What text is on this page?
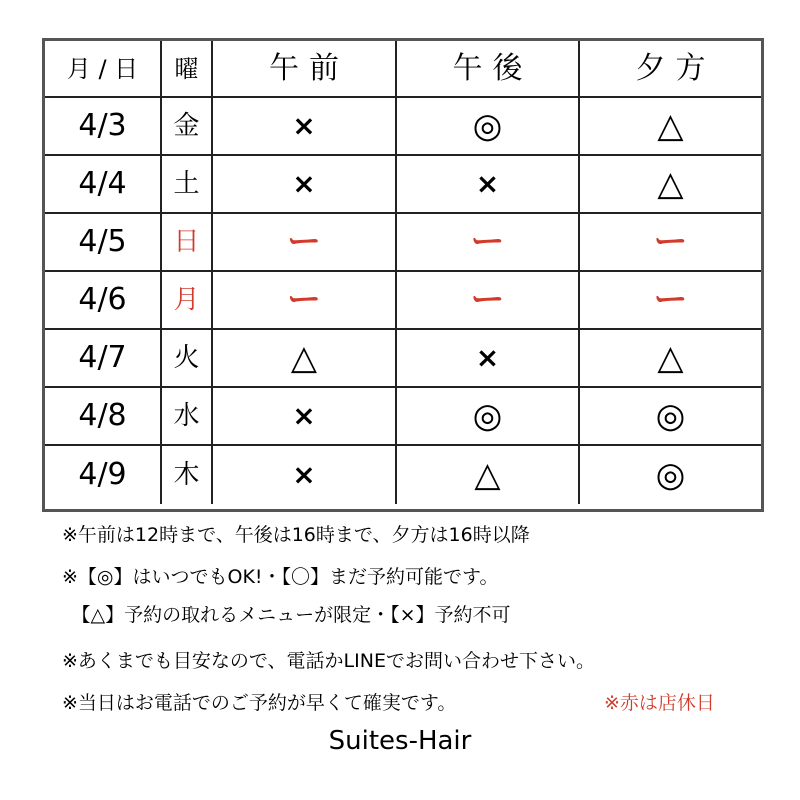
月 / 日	曜	午前	午後	夕方
4/3	金	×	◎	△
4/4	土	×	×	△
4/5	日	ー	ー	ー
4/6	月	ー	ー	ー
4/7	火	△	×	△
4/8	水	×	◎	◎
4/9	木	×	△	◎
※午前は12時まで、午後は16時まで、夕方は16時以降
※【◎】はいつでもOK!・【〇】まだ予約可能です。
　【△】予約の取れるメニューが限定・【×】予約不可
※あくまでも目安なので、電話かLINEでお問い合わせ下さい。
※当日はお電話でのご予約が早くて確実です。	※赤は店休日
Suites-Hair
